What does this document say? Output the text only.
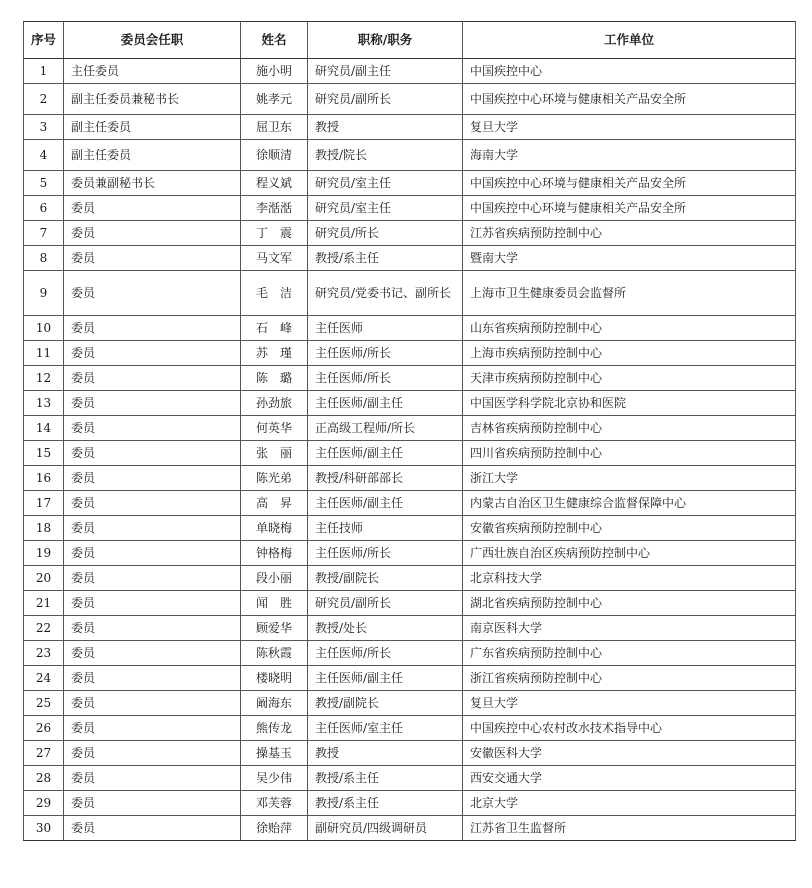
序号	委员会任职	姓名	职称/职务	工作单位
1	主任委员	施小明	研究员/副主任	中国疾控中心
2	副主任委员兼秘书长	姚孝元	研究员/副所长	中国疾控中心环境与健康相关产品安全所
3	副主任委员	屈卫东	教授	复旦大学
4	副主任委员	徐顺清	教授/院长	海南大学
5	委员兼副秘书长	程义斌	研究员/室主任	中国疾控中心环境与健康相关产品安全所
6	委员	李湉湉	研究员/室主任	中国疾控中心环境与健康相关产品安全所
7	委员	丁　震	研究员/所长	江苏省疾病预防控制中心
8	委员	马文军	教授/系主任	暨南大学
9	委员	毛　洁	研究员/党委书记、副所长	上海市卫生健康委员会监督所
10	委员	石　峰	主任医师	山东省疾病预防控制中心
11	委员	苏　瑾	主任医师/所长	上海市疾病预防控制中心
12	委员	陈　璐	主任医师/所长	天津市疾病预防控制中心
13	委员	孙劲旅	主任医师/副主任	中国医学科学院北京协和医院
14	委员	何英华	正高级工程师/所长	吉林省疾病预防控制中心
15	委员	张　丽	主任医师/副主任	四川省疾病预防控制中心
16	委员	陈光弟	教授/科研部部长	浙江大学
17	委员	高　昇	主任医师/副主任	内蒙古自治区卫生健康综合监督保障中心
18	委员	单晓梅	主任技师	安徽省疾病预防控制中心
19	委员	钟格梅	主任医师/所长	广西壮族自治区疾病预防控制中心
20	委员	段小丽	教授/副院长	北京科技大学
21	委员	闻　胜	研究员/副所长	湖北省疾病预防控制中心
22	委员	顾爱华	教授/处长	南京医科大学
23	委员	陈秋霞	主任医师/所长	广东省疾病预防控制中心
24	委员	楼晓明	主任医师/副主任	浙江省疾病预防控制中心
25	委员	阚海东	教授/副院长	复旦大学
26	委员	熊传龙	主任医师/室主任	中国疾控中心农村改水技术指导中心
27	委员	操基玉	教授	安徽医科大学
28	委员	吴少伟	教授/系主任	西安交通大学
29	委员	邓芙蓉	教授/系主任	北京大学
30	委员	徐贻萍	副研究员/四级调研员	江苏省卫生监督所
